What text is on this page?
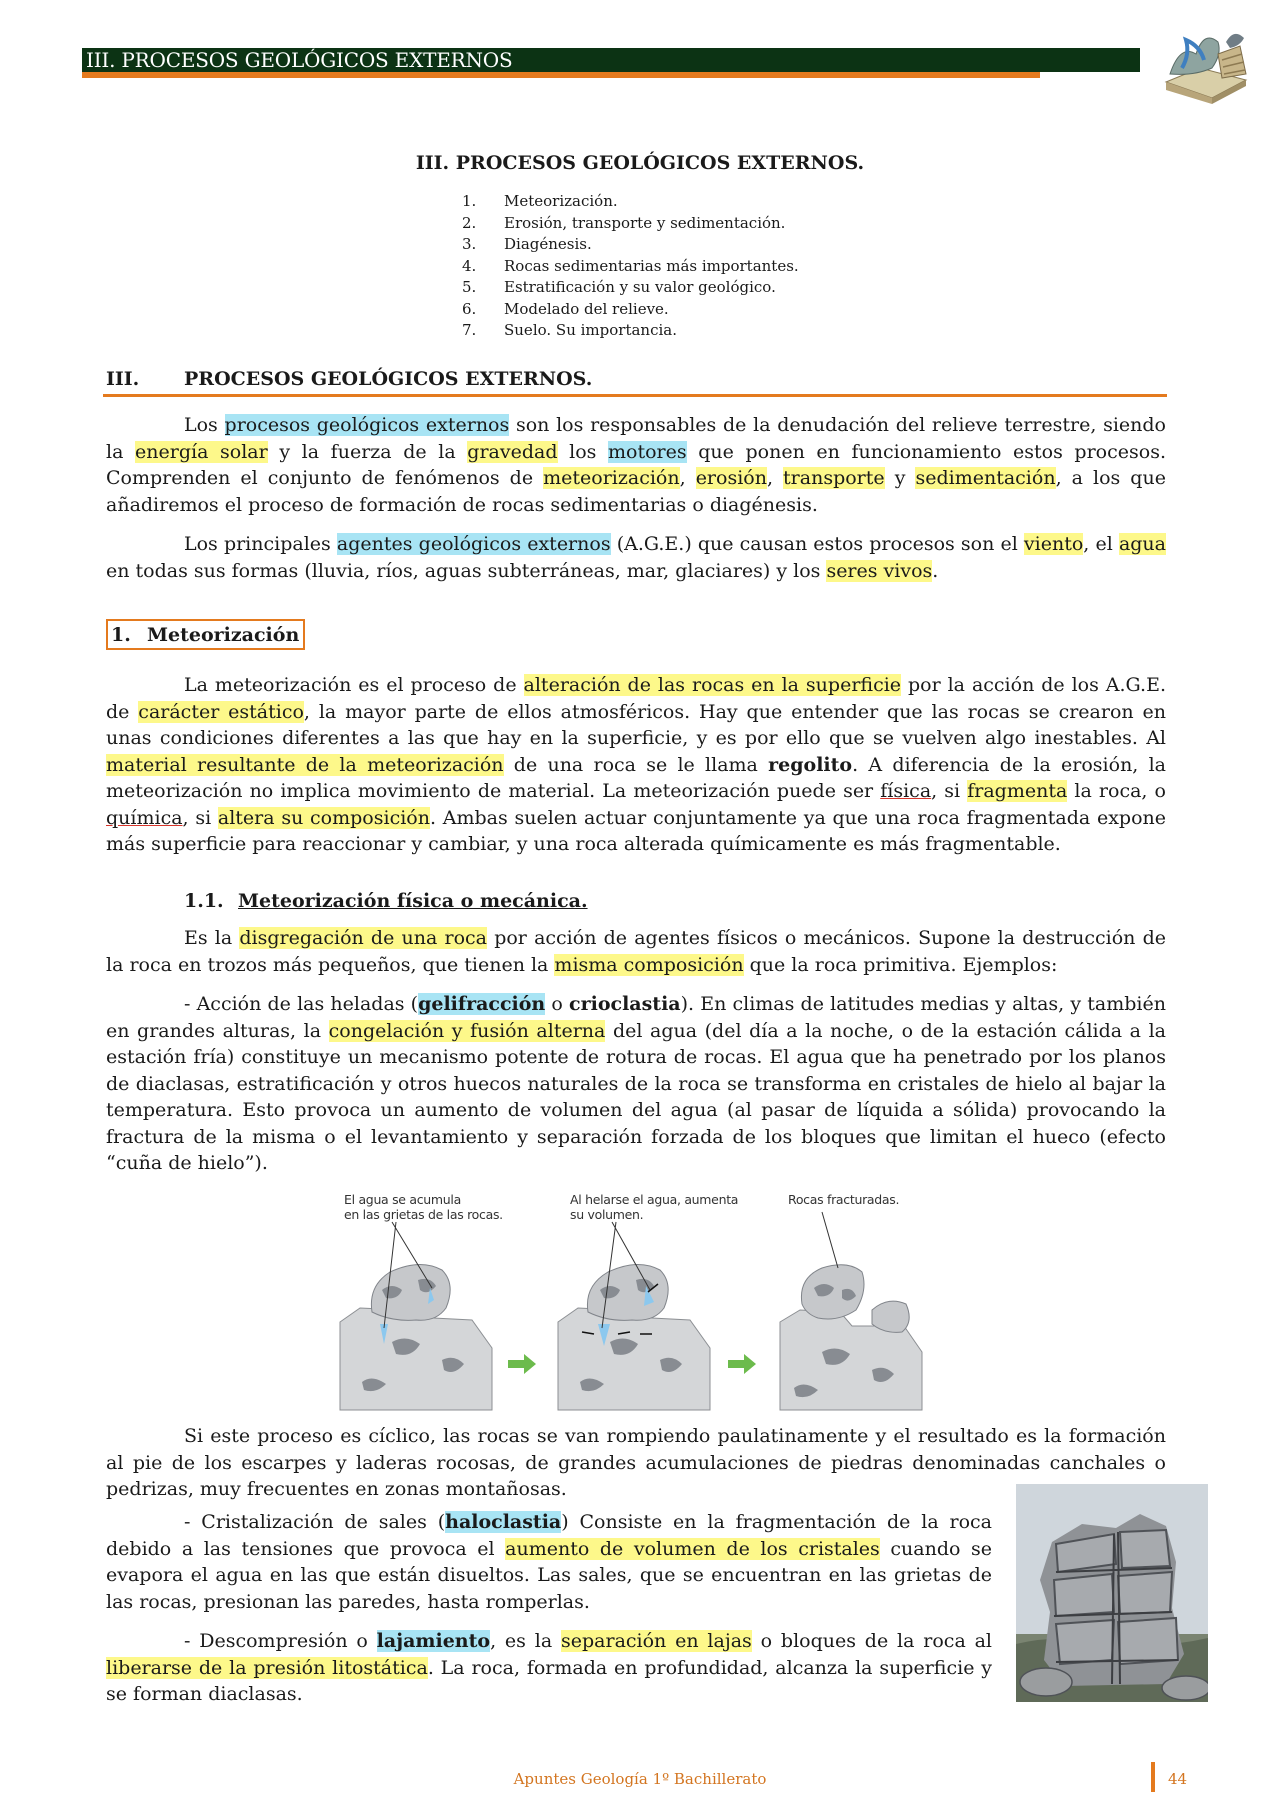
III. PROCESOS GEOLÓGICOS EXTERNOS
III. PROCESOS GEOLÓGICOS EXTERNOS.
1. Meteorización.
2. Erosión, transporte y sedimentación.
3. Diagénesis.
4. Rocas sedimentarias más importantes.
5. Estratificación y su valor geológico.
6. Modelado del relieve.
7. Suelo. Su importancia.
III. PROCESOS GEOLÓGICOS EXTERNOS.

Los procesos geológicos externos son los responsables de la denudación del relieve terrestre, siendo la energía solar y la fuerza de la gravedad los motores que ponen en funcionamiento estos procesos. Comprenden el conjunto de fenómenos de meteorización, erosión, transporte y sedimentación, a los que añadiremos el proceso de formación de rocas sedimentarias o diagénesis.

Los principales agentes geológicos externos (A.G.E.) que causan estos procesos son el viento, el agua en todas sus formas (lluvia, ríos, aguas subterráneas, mar, glaciares) y los seres vivos.

1. Meteorización

La meteorización es el proceso de alteración de las rocas en la superficie por la acción de los A.G.E. de carácter estático, la mayor parte de ellos atmosféricos. Hay que entender que las rocas se crearon en unas condiciones diferentes a las que hay en la superficie, y es por ello que se vuelven algo inestables. Al material resultante de la meteorización de una roca se le llama regolito. A diferencia de la erosión, la meteorización no implica movimiento de material. La meteorización puede ser física, si fragmenta la roca, o química, si altera su composición. Ambas suelen actuar conjuntamente ya que una roca fragmentada expone más superficie para reaccionar y cambiar, y una roca alterada químicamente es más fragmentable.

1.1. Meteorización física o mecánica.

Es la disgregación de una roca por acción de agentes físicos o mecánicos. Supone la destrucción de la roca en trozos más pequeños, que tienen la misma composición que la roca primitiva. Ejemplos:

- Acción de las heladas (gelifracción o crioclastia). En climas de latitudes medias y altas, y también en grandes alturas, la congelación y fusión alterna del agua (del día a la noche, o de la estación cálida a la estación fría) constituye un mecanismo potente de rotura de rocas. El agua que ha penetrado por los planos de diaclasas, estratificación y otros huecos naturales de la roca se transforma en cristales de hielo al bajar la temperatura. Esto provoca un aumento de volumen del agua (al pasar de líquida a sólida) provocando la fractura de la misma o el levantamiento y separación forzada de los bloques que limitan el hueco (efecto “cuña de hielo”).

El agua se acumula
en las grietas de las rocas.
Al helarse el agua, aumenta
su volumen.
Rocas fracturadas.

Si este proceso es cíclico, las rocas se van rompiendo paulatinamente y el resultado es la formación al pie de los escarpes y laderas rocosas, de grandes acumulaciones de piedras denominadas canchales o pedrizas, muy frecuentes en zonas montañosas.

- Cristalización de sales (haloclastia) Consiste en la fragmentación de la roca debido a las tensiones que provoca el aumento de volumen de los cristales cuando se evapora el agua en las que están disueltos. Las sales, que se encuentran en las grietas de las rocas, presionan las paredes, hasta romperlas.

- Descompresión o lajamiento, es la separación en lajas o bloques de la roca al liberarse de la presión litostática. La roca, formada en profundidad, alcanza la superficie y se forman diaclasas.

Apuntes Geología 1º Bachillerato	44
